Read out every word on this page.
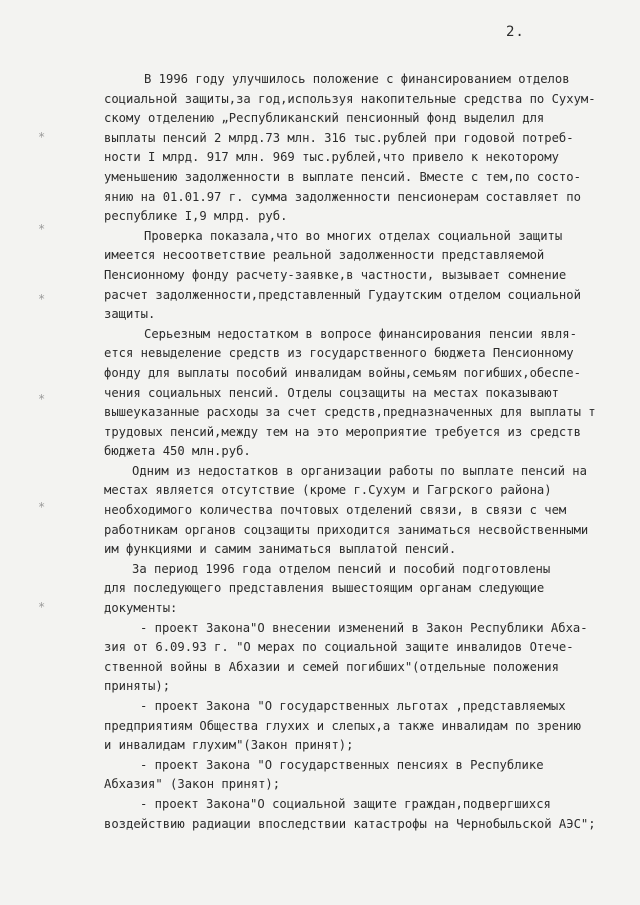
2.
*
*
*
*
*
*
В 1996 году улучшилось положение с финансированием отделов
социальной защиты,за год,используя накопительные средства по Сухум-
скому отделению „Республиканский пенсионный фонд выделил для
выплаты пенсий 2 млрд.73 млн. 316 тыс.рублей при годовой потреб-
ности I млрд. 917 млн. 969 тыс.рублей,что привело к некоторому
уменьшению задолженности в выплате пенсий. Вместе с тем,по состо-
янию на 01.01.97 г. сумма задолженности пенсионерам составляет по
республике I,9 млрд. руб.
Проверка показала,что во многих отделах социальной защиты
имеется несоответствие реальной задолженности представляемой
Пенсионному фонду расчету-заявке,в частности, вызывает сомнение
расчет задолженности,представленный Гудаутским отделом социальной
защиты.
Серьезным недостатком в вопросе финансирования пенсии явля-
ется невыделение средств из государственного бюджета Пенсионному
фонду для выплаты пособий инвалидам войны,семьям погибших,обеспе-
чения социальных пенсий. Отделы соцзащиты на местах показывают
вышеуказанные расходы за счет средств,предназначенных для выплаты т
трудовых пенсий,между тем на это мероприятие требуется из средств
бюджета 450 млн.руб.
Одним из недостатков в организации работы по выплате пенсий на
местах является отсутствие (кроме г.Сухум и Гагрского района)
необходимого количества почтовых отделений связи, в связи с чем
работникам органов соцзащиты приходится заниматься несвойственными
им функциями и самим заниматься выплатой пенсий.
За период 1996 года отделом пенсий и пособий подготовлены
для последующего представления вышестоящим органам следующие
документы:
- проект Закона"О внесении изменений в Закон Республики Абха-
зия от 6.09.93 г. "О мерах по социальной защите инвалидов Отече-
ственной войны в Абхазии и семей погибших"(отдельные положения
приняты);
- проект Закона "О государственных льготах ,представляемых
предприятиям Общества глухих и слепых,а также инвалидам по зрению
и инвалидам глухим"(Закон принят);
- проект Закона "О государственных пенсиях в Республике
Абхазия" (Закон принят);
- проект Закона"О социальной защите граждан,подвергшихся
воздействию радиации впоследствии катастрофы на Чернобыльской АЭС";
